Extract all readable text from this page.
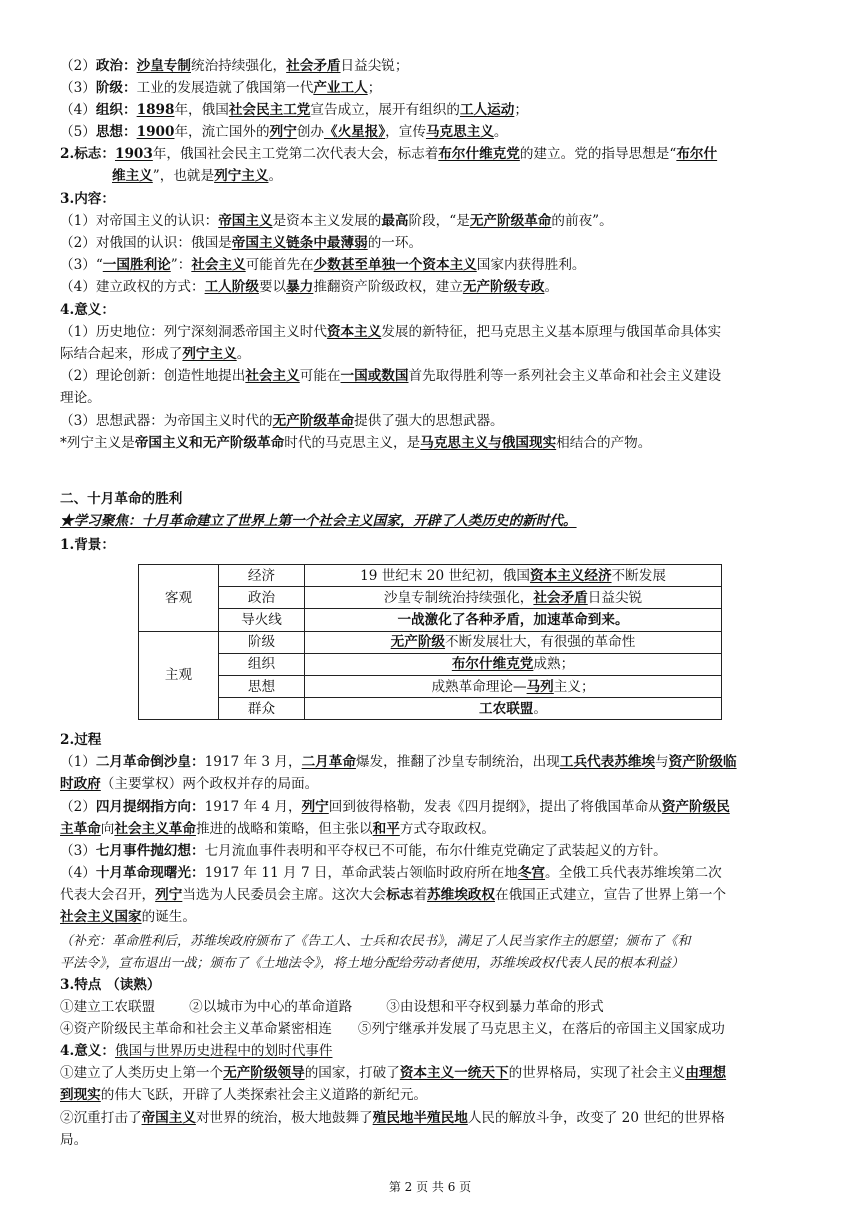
（2）政治：沙皇专制统治持续强化，社会矛盾日益尖锐；
（3）阶级：工业的发展造就了俄国第一代产业工人；
（4）组织：1898年，俄国社会民主工党宣告成立，展开有组织的工人运动；
（5）思想：1900年，流亡国外的列宁创办《火星报》，宣传马克思主义。
2.标志：1903年，俄国社会民主工党第二次代表大会，标志着布尔什维克党的建立。党的指导思想是“布尔什
维主义”，也就是列宁主义。
3.内容：
（1）对帝国主义的认识：帝国主义是资本主义发展的最高阶段，“是无产阶级革命的前夜”。
（2）对俄国的认识：俄国是帝国主义链条中最薄弱的一环。
（3）“一国胜利论”：社会主义可能首先在少数甚至单独一个资本主义国家内获得胜利。
（4）建立政权的方式：工人阶级要以暴力推翻资产阶级政权，建立无产阶级专政。
4.意义：
（1）历史地位：列宁深刻洞悉帝国主义时代资本主义发展的新特征，把马克思主义基本原理与俄国革命具体实
际结合起来，形成了列宁主义。
（2）理论创新：创造性地提出社会主义可能在一国或数国首先取得胜利等一系列社会主义革命和社会主义建设
理论。
（3）思想武器：为帝国主义时代的无产阶级革命提供了强大的思想武器。
*列宁主义是帝国主义和无产阶级革命时代的马克思主义，是马克思主义与俄国现实相结合的产物。
二、十月革命的胜利
★学习聚焦：十月革命建立了世界上第一个社会主义国家，开辟了人类历史的新时代。
1.背景：
客观	经济	19 世纪末 20 世纪初，俄国资本主义经济不断发展
	政治	沙皇专制统治持续强化，社会矛盾日益尖锐
	导火线	一战激化了各种矛盾，加速革命到来。
主观	阶级	无产阶级不断发展壮大，有很强的革命性
	组织	布尔什维克党成熟；
	思想	成熟革命理论—马列主义；
	群众	工农联盟。
2.过程
（1）二月革命倒沙皇：1917 年 3 月，二月革命爆发，推翻了沙皇专制统治，出现工兵代表苏维埃与资产阶级临
时政府（主要掌权）两个政权并存的局面。
（2）四月提纲指方向：1917 年 4 月，列宁回到彼得格勒，发表《四月提纲》，提出了将俄国革命从资产阶级民
主革命向社会主义革命推进的战略和策略，但主张以和平方式夺取政权。
（3）七月事件抛幻想：七月流血事件表明和平夺权已不可能，布尔什维克党确定了武装起义的方针。
（4）十月革命现曙光：1917 年 11 月 7 日，革命武装占领临时政府所在地冬宫。全俄工兵代表苏维埃第二次
代表大会召开，列宁当选为人民委员会主席。这次大会标志着苏维埃政权在俄国正式建立，宣告了世界上第一个
社会主义国家的诞生。
（补充：革命胜利后，苏维埃政府颁布了《告工人、士兵和农民书》，满足了人民当家作主的愿望；颁布了《和
平法令》，宣布退出一战；颁布了《土地法令》，将土地分配给劳动者使用，苏维埃政权代表人民的根本利益）
3.特点 （读熟）
①建立工农联盟	②以城市为中心的革命道路	③由设想和平夺权到暴力革命的形式
④资产阶级民主革命和社会主义革命紧密相连 ⑤列宁继承并发展了马克思主义，在落后的帝国主义国家成功
4.意义：俄国与世界历史进程中的划时代事件
①建立了人类历史上第一个无产阶级领导的国家，打破了资本主义一统天下的世界格局，实现了社会主义由理想
到现实的伟大飞跃，开辟了人类探索社会主义道路的新纪元。
②沉重打击了帝国主义对世界的统治，极大地鼓舞了殖民地半殖民地人民的解放斗争，改变了 20 世纪的世界格
局。
第 2 页 共 6 页
